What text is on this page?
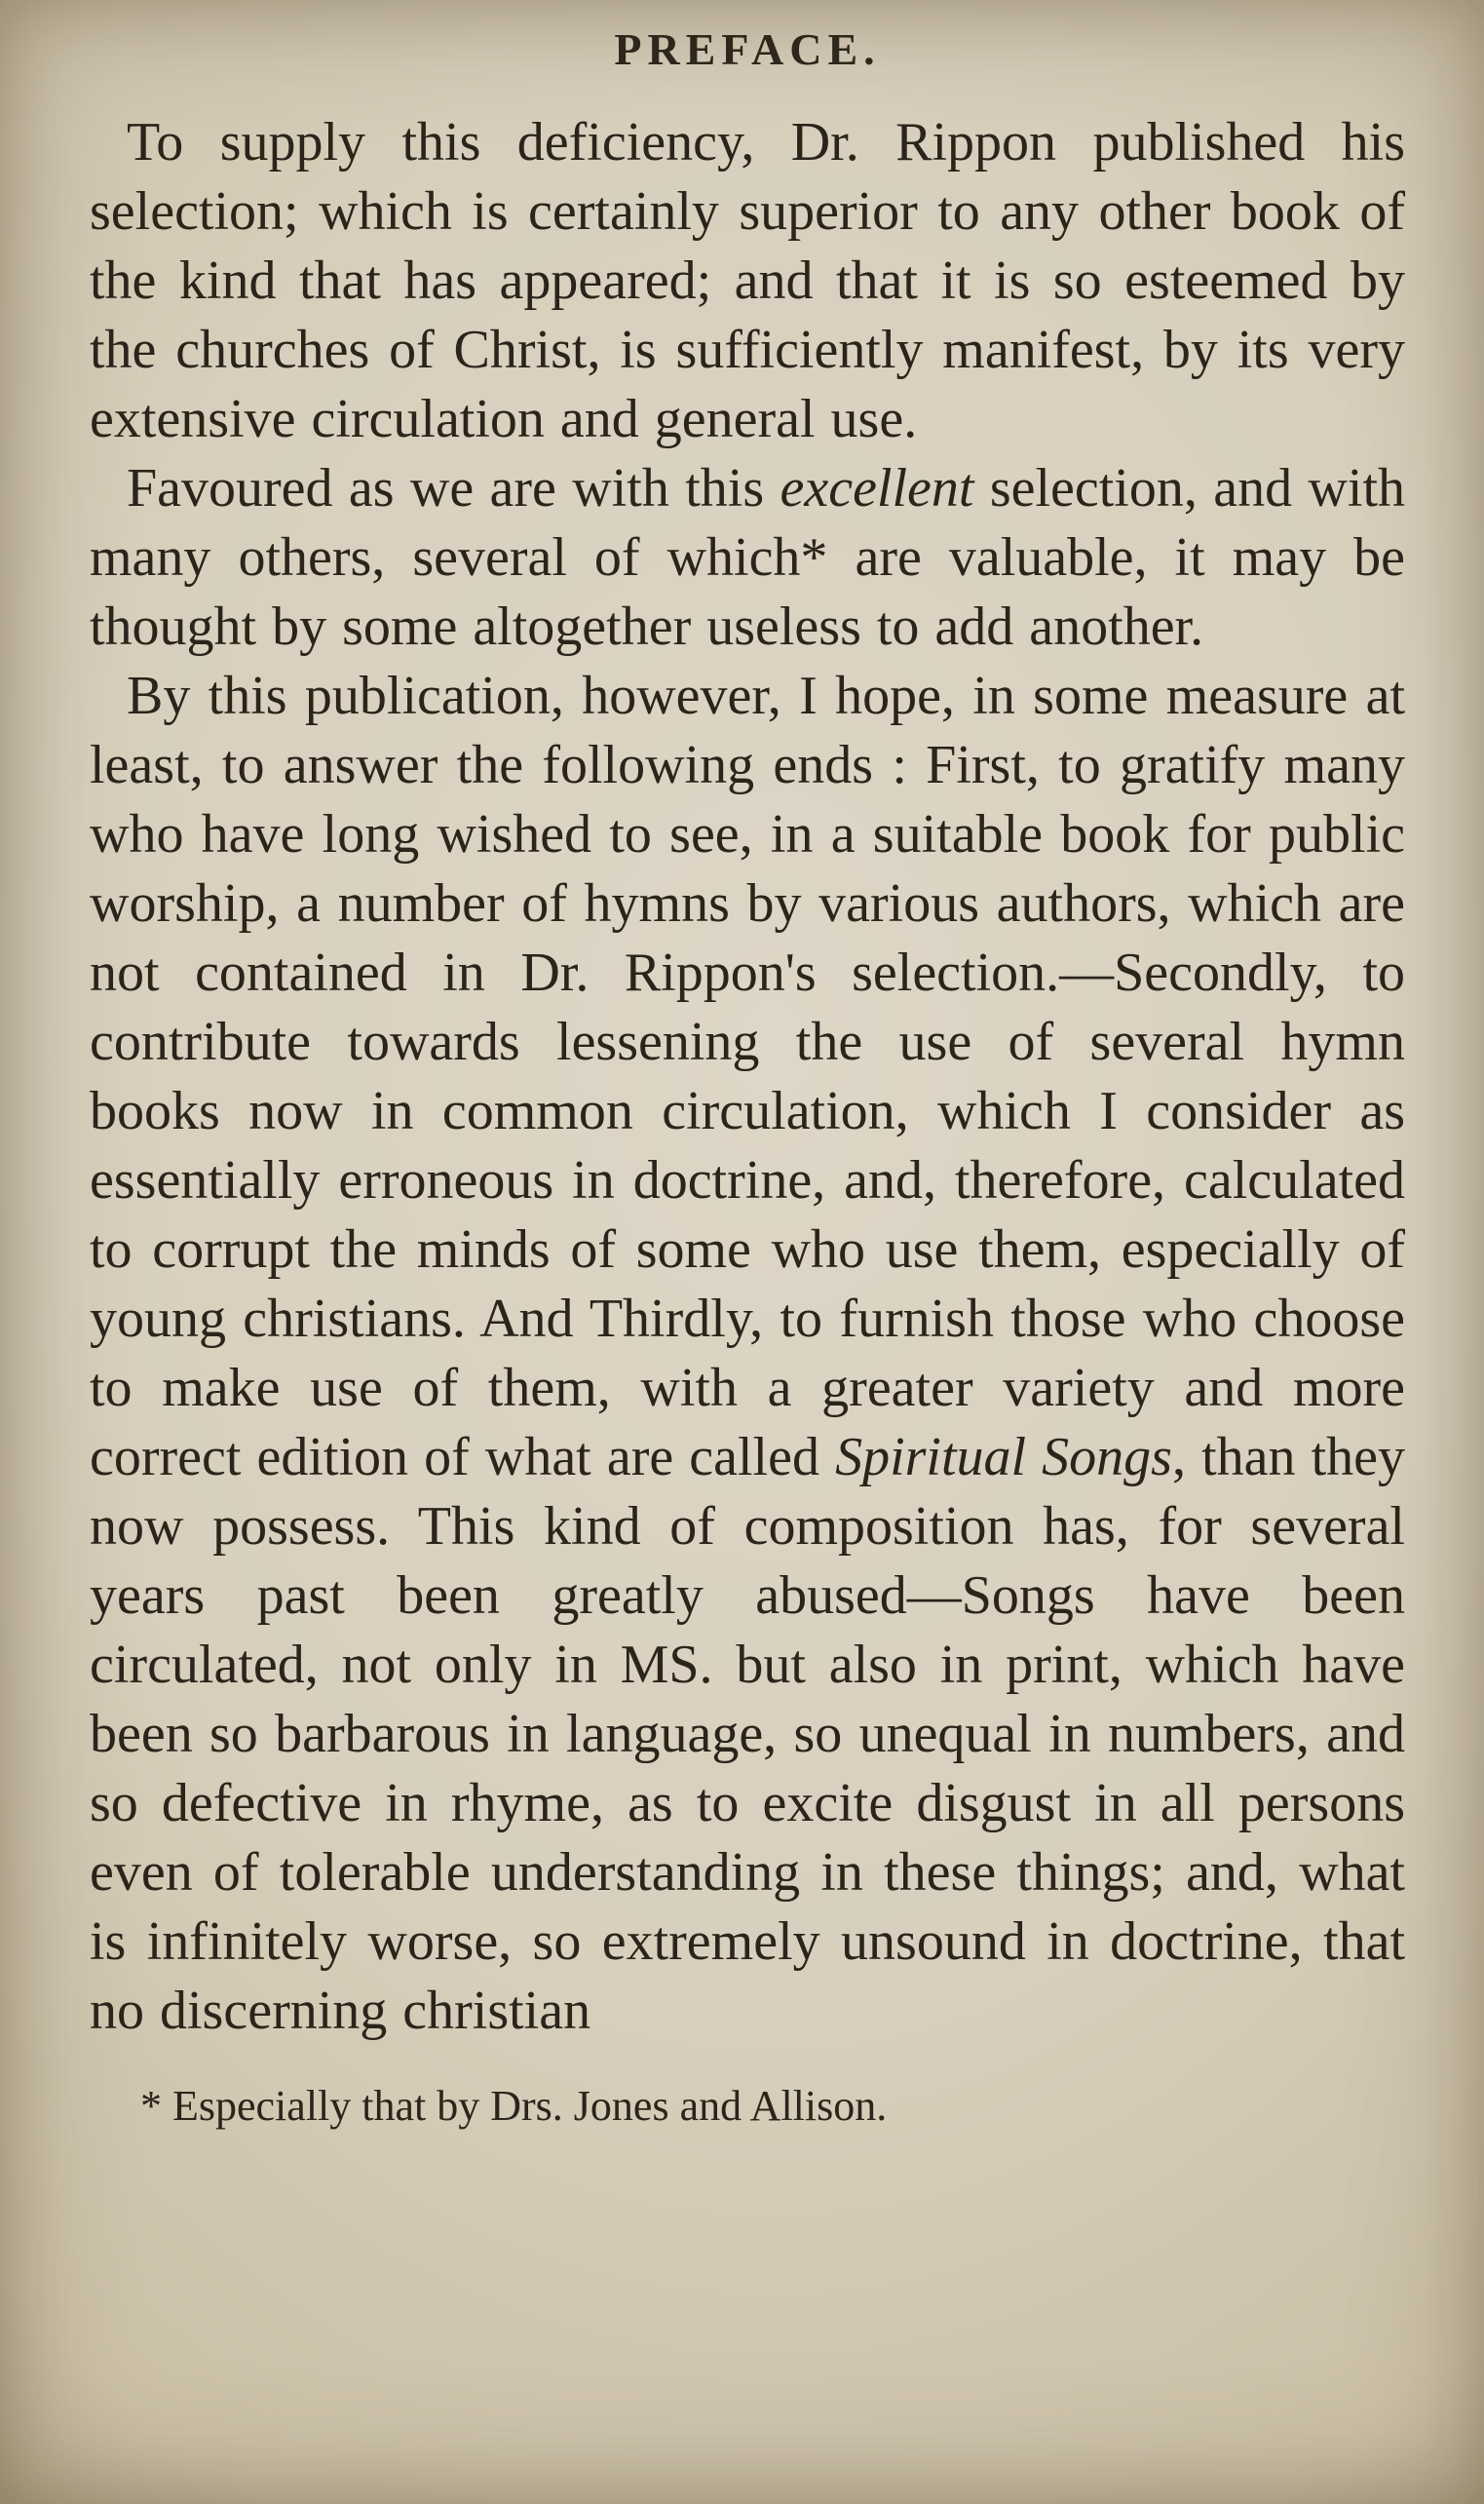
PREFACE.

To supply this deficiency, Dr. Rippon published his selection; which is certainly superior to any other book of the kind that has appeared; and that it is so esteemed by the churches of Christ, is sufficiently manifest, by its very extensive circulation and general use.

Favoured as we are with this excellent selection, and with many others, several of which* are valuable, it may be thought by some altogether useless to add another.

By this publication, however, I hope, in some measure at least, to answer the following ends : First, to gratify many who have long wished to see, in a suitable book for public worship, a number of hymns by various authors, which are not contained in Dr. Rippon's selection.—Secondly, to contribute towards lessening the use of several hymn books now in common circulation, which I consider as essentially erroneous in doctrine, and, therefore, calculated to corrupt the minds of some who use them, especially of young christians. And Thirdly, to furnish those who choose to make use of them, with a greater variety and more correct edition of what are called Spiritual Songs, than they now possess. This kind of composition has, for several years past been greatly abused—Songs have been circulated, not only in MS. but also in print, which have been so barbarous in language, so unequal in numbers, and so defective in rhyme, as to excite disgust in all persons even of tolerable understanding in these things; and, what is infinitely worse, so extremely unsound in doctrine, that no discerning christian

* Especially that by Drs. Jones and Allison.
